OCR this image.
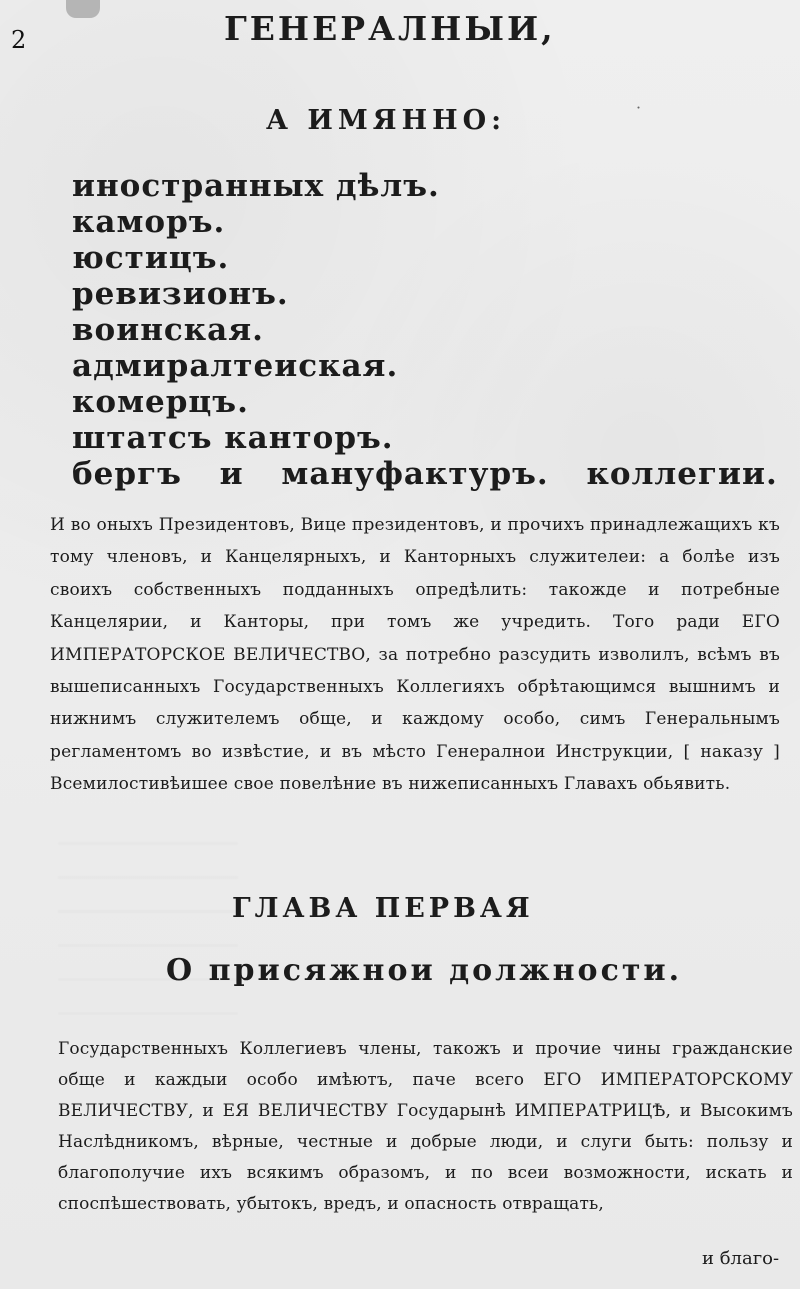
2	ГЕНЕРАЛНЫИ,
А ИМЯННО:	˙
иностранных дѣлъ.
каморъ.
юстицъ.
ревизионъ.
воинская.
адмиралтеиская.
комерцъ.
штатсъ канторъ.
бергъ и мануфактуръ. коллегии.

И во оныхъ Президентовъ, Вице президентовъ, и прочихъ принадлежащихъ къ тому членовъ, и Канцелярныхъ, и Канторныхъ служителеи: а болѣе изъ своихъ собственныхъ подданныхъ опредѣлить: такожде и потребные Канцелярии, и Канторы, при томъ же учредить. Того ради ЕГО ИМПЕРАТОРСКОЕ ВЕЛИЧЕСТВО, за потребно разсудить изволилъ, всѣмъ въ вышеписанныхъ Государственныхъ Коллегияхъ обрѣтающимся вышнимъ и нижнимъ служителемъ обще, и каждому особо, симъ Генеральнымъ регламентомъ во извѣстие, и въ мѣсто Генералнои Инструкции, [ наказу ] Всемилостивѣишее свое повелѣние въ нижеписанныхъ Главахъ обьявить.

ГЛАВА ПЕРВАЯ
О присяжнои должности.

Государственныхъ Коллегиевъ члены, такожъ и прочие чины гражданские обще и каждыи особо имѣютъ, паче всего ЕГО ИМПЕРАТОРСКОМУ ВЕЛИЧЕСТВУ, и ЕЯ ВЕЛИЧЕСТВУ Государынѣ ИМПЕРАТРИЦѢ, и Высокимъ Наслѣдникомъ, вѣрные, честные и добрые люди, и слуги быть: пользу и благополучие ихъ всякимъ образомъ, и по всеи возможности, искать и споспѣшествовать, убытокъ, вредъ, и опасность отвращать,

и благо-
